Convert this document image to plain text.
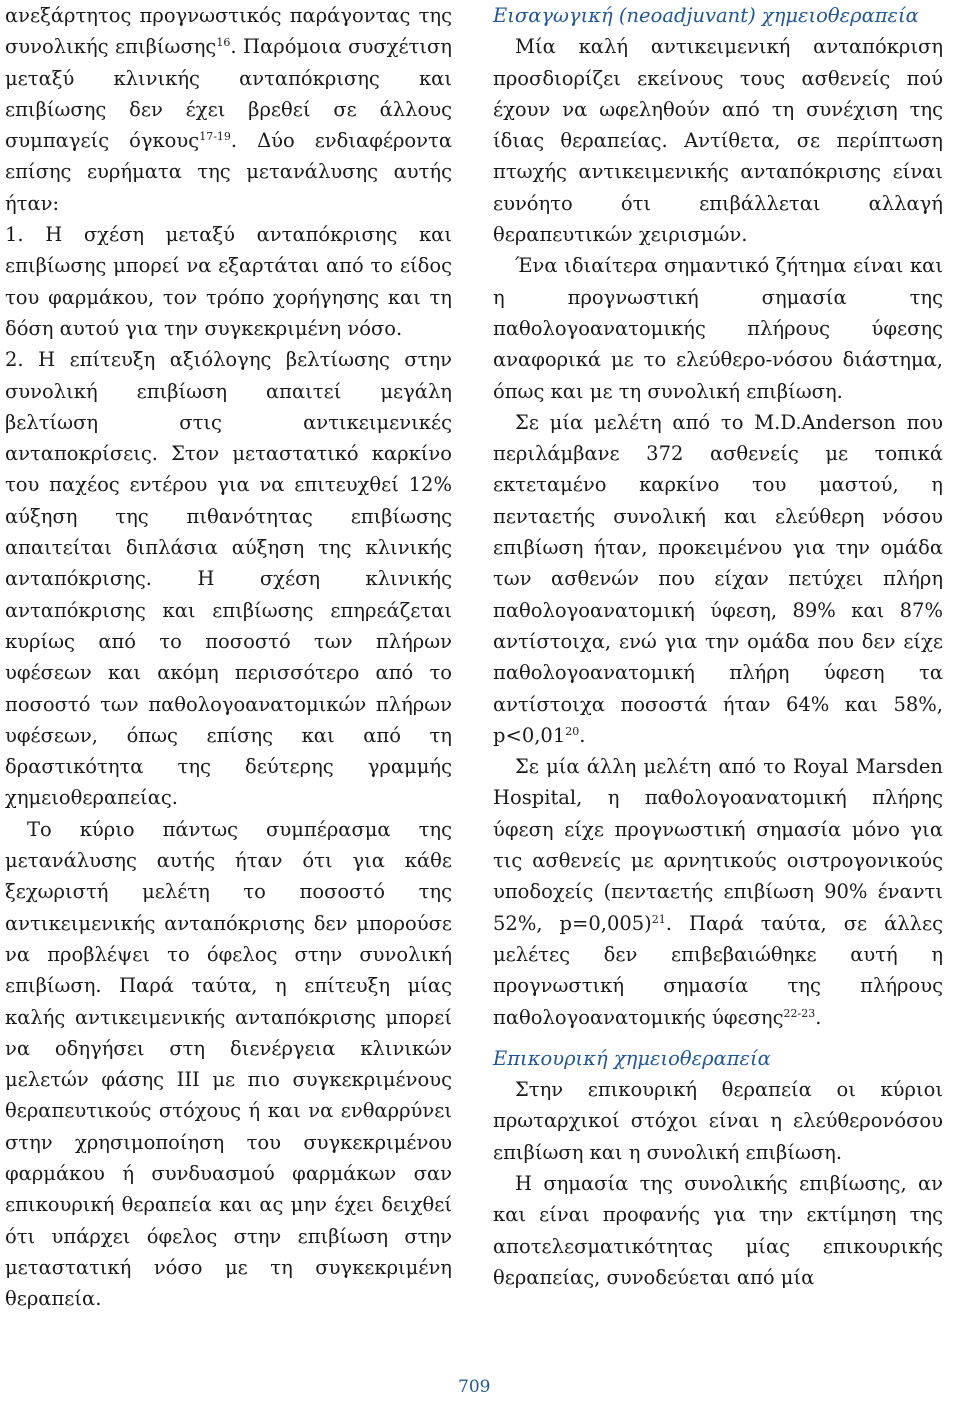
ανεξάρτητος προγνωστικός παράγοντας της συνολικής επιβίωσης$^{16}$. Παρόμοια συσχέτιση μεταξύ κλινικής ανταπόκρισης και επιβίωσης δεν έχει βρεθεί σε άλλους συμπαγείς όγκους$^{17-19}$. Δύο ενδιαφέροντα επίσης ευρήματα της μετανάλυσης αυτής ήταν:

1. Η σχέση μεταξύ ανταπόκρισης και επιβίωσης μπορεί να εξαρτάται από το είδος του φαρμάκου, τον τρόπο χορήγησης και τη δόση αυτού για την συγκεκριμένη νόσο.

2. Η επίτευξη αξιόλογης βελτίωσης στην συνολική επιβίωση απαιτεί μεγάλη βελτίωση στις αντικειμενικές ανταποκρίσεις. Στον μεταστατικό καρκίνο του παχέος εντέρου για να επιτευχθεί 12% αύξηση της πιθανότητας επιβίωσης απαιτείται διπλάσια αύξηση της κλινικής ανταπόκρισης. Η σχέση κλινικής ανταπόκρισης και επιβίωσης επηρεάζεται κυρίως από το ποσοστό των πλήρων υφέσεων και ακόμη περισσότερο από το ποσοστό των παθολογοανατομικών πλήρων υφέσεων, όπως επίσης και από τη δραστικότητα της δεύτερης γραμμής χημειοθεραπείας.

Το κύριο πάντως συμπέρασμα της μετανάλυσης αυτής ήταν ότι για κάθε ξεχωριστή μελέτη το ποσοστό της αντικειμενικής ανταπόκρισης δεν μπορούσε να προβλέψει το όφελος στην συνολική επιβίωση. Παρά ταύτα, η επίτευξη μίας καλής αντικειμενικής ανταπόκρισης μπορεί να οδηγήσει στη διενέργεια κλινικών μελετών φάσης ΙΙΙ με πιο συγκεκριμένους θεραπευτικούς στόχους ή και να ενθαρρύνει στην χρησιμοποίηση του συγκεκριμένου φαρμάκου ή συνδυασμού φαρμάκων σαν επικουρική θεραπεία και ας μην έχει δειχθεί ότι υπάρχει όφελος στην επιβίωση στην μεταστατική νόσο με τη συγκεκριμένη θεραπεία.

Εισαγωγική (neoadjuvant) χημειοθεραπεία

Μία καλή αντικειμενική ανταπόκριση προσδιορίζει εκείνους τους ασθενείς πού έχουν να ωφεληθούν από τη συνέχιση της ίδιας θεραπείας. Αντίθετα, σε περίπτωση πτωχής αντικειμενικής ανταπόκρισης είναι ευνόητο ότι επιβάλλεται αλλαγή θεραπευτικών χειρισμών.

Ένα ιδιαίτερα σημαντικό ζήτημα είναι και η προγνωστική σημασία της παθολογοανατομικής πλήρους ύφεσης αναφορικά με το ελεύθερο-νόσου διάστημα, όπως και με τη συνολική επιβίωση.

Σε μία μελέτη από το M.D.Anderson που περιλάμβανε 372 ασθενείς με τοπικά εκτεταμένο καρκίνο του μαστού, η πενταετής συνολική και ελεύθερη νόσου επιβίωση ήταν, προκειμένου για την ομάδα των ασθενών που είχαν πετύχει πλήρη παθολογοανατομική ύφεση, 89% και 87% αντίστοιχα, ενώ για την ομάδα που δεν είχε παθολογοανατομική πλήρη ύφεση τα αντίστοιχα ποσοστά ήταν 64% και 58%, $p<0,01^{20}$.

Σε μία άλλη μελέτη από το Royal Marsden Hospital, η παθολογοανατομική πλήρης ύφεση είχε προγνωστική σημασία μόνο για τις ασθενείς με αρνητικούς οιστρογονικούς υποδοχείς (πενταετής επιβίωση 90% έναντι 52%, p=0,005)$^{21}$. Παρά ταύτα, σε άλλες μελέτες δεν επιβεβαιώθηκε αυτή η προγνωστική σημασία της πλήρους παθολογοανατομικής ύφεσης$^{22-23}$.

Επικουρική χημειοθεραπεία

Στην επικουρική θεραπεία οι κύριοι πρωταρχικοί στόχοι είναι η ελεύθερονόσου επιβίωση και η συνολική επιβίωση.

Η σημασία της συνολικής επιβίωσης, αν και είναι προφανής για την εκτίμηση της αποτελεσματικότητας μίας επικουρικής θεραπείας, συνοδεύεται από μία

709
